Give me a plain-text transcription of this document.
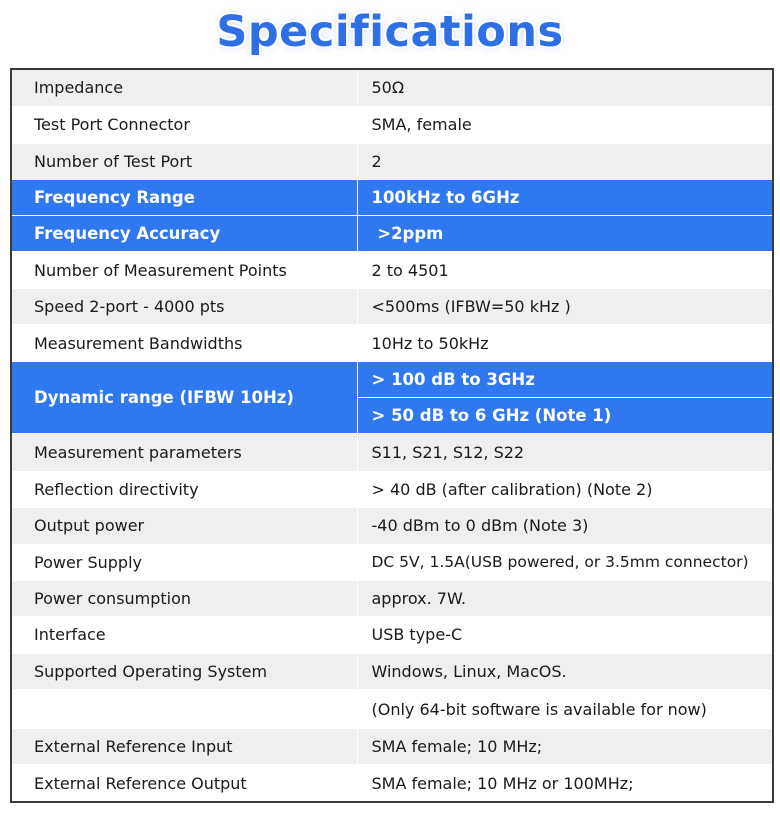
Specifications
Impedance	50Ω
Test Port Connector	SMA, female
Number of Test Port	2
Frequency Range	100kHz to 6GHz
Frequency Accuracy	>2ppm
Number of Measurement Points	2 to 4501
Speed 2-port - 4000 pts	<500ms (IFBW=50 kHz )
Measurement Bandwidths	10Hz to 50kHz
Dynamic range (IFBW 10Hz)	> 100 dB to 3GHz
	> 50 dB to 6 GHz (Note 1)
Measurement parameters	S11, S21, S12, S22
Reflection directivity	> 40 dB (after calibration) (Note 2)
Output power	-40 dBm to 0 dBm (Note 3)
Power Supply	DC 5V, 1.5A(USB powered, or 3.5mm connector)
Power consumption	approx. 7W.
Interface	USB type-C
Supported Operating System	Windows, Linux, MacOS.
	(Only 64-bit software is available for now)
External Reference Input	SMA female; 10 MHz;
External Reference Output	SMA female; 10 MHz or 100MHz;
